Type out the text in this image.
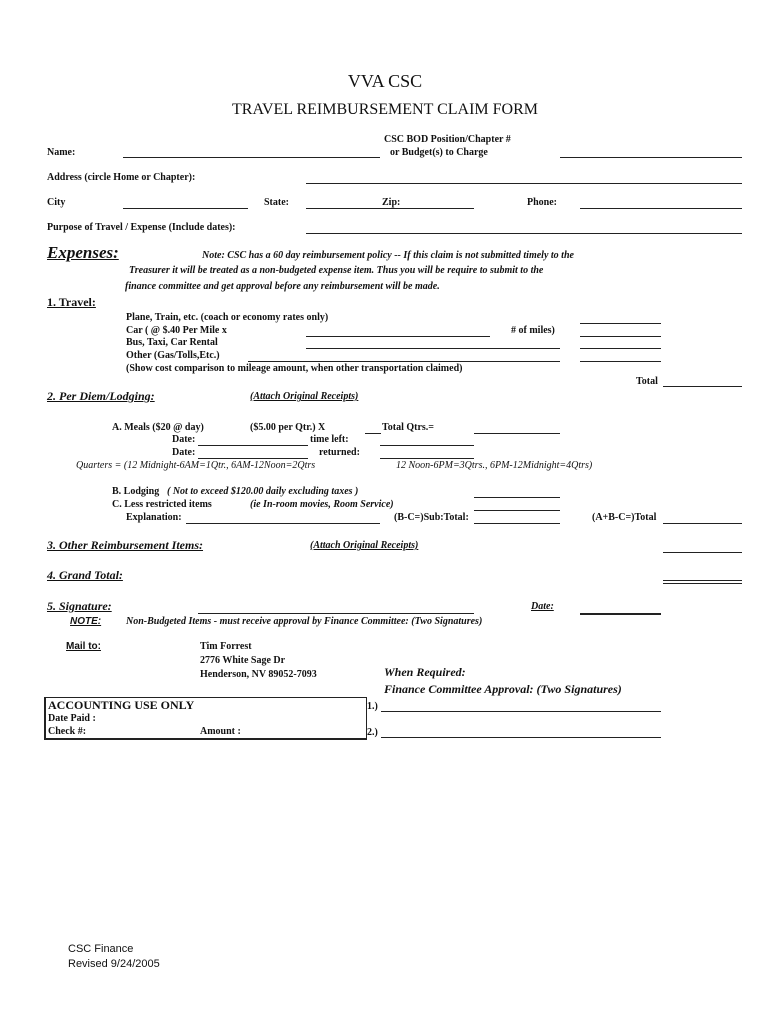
VVA CSC
TRAVEL REIMBURSEMENT CLAIM FORM
CSC BOD Position/Chapter #
or Budget(s) to Charge
Name:
Address (circle Home or Chapter):
City	State:	Zip:	Phone:
Purpose of Travel / Expense (Include dates):
Expenses:	Note: CSC has a 60 day reimbursement policy -- If this claim is not submitted timely to the
Treasurer it will be treated as a non-budgeted expense item. Thus you will be require to submit to the
finance committee and get approval before any reimbursement will be made.
1. Travel:
Plane, Train, etc. (coach or economy rates only)
Car ( @ $.40 Per Mile x	# of miles)
Bus, Taxi, Car Rental
Other (Gas/Tolls,Etc.)
(Show cost comparison to mileage amount, when other transportation claimed)
Total
2. Per Diem/Lodging:	(Attach Original Receipts)
A. Meals ($20 @ day)	($5.00 per Qtr.) X	Total Qtrs.=
Date:	time left:
Date:	returned:
Quarters = (12 Midnight-6AM=1Qtr., 6AM-12Noon=2Qtrs	12 Noon-6PM=3Qtrs., 6PM-12Midnight=4Qtrs)
B. Lodging ( Not to exceed $120.00 daily excluding taxes )
C. Less restricted items	(ie In-room movies, Room Service)
Explanation:	(B-C=)Sub:Total:	(A+B-C=)Total
3. Other Reimbursement Items:	(Attach Original Receipts)
4. Grand Total:
5. Signature:	Date:
NOTE: Non-Budgeted Items - must receive approval by Finance Committee: (Two Signatures)
Mail to:	Tim Forrest
2776 White Sage Dr
Henderson, NV 89052-7093	When Required:
Finance Committee Approval: (Two Signatures)
ACCOUNTING USE ONLY
Date Paid :
Check #:	Amount :
1.)
2.)
CSC Finance
Revised 9/24/2005
